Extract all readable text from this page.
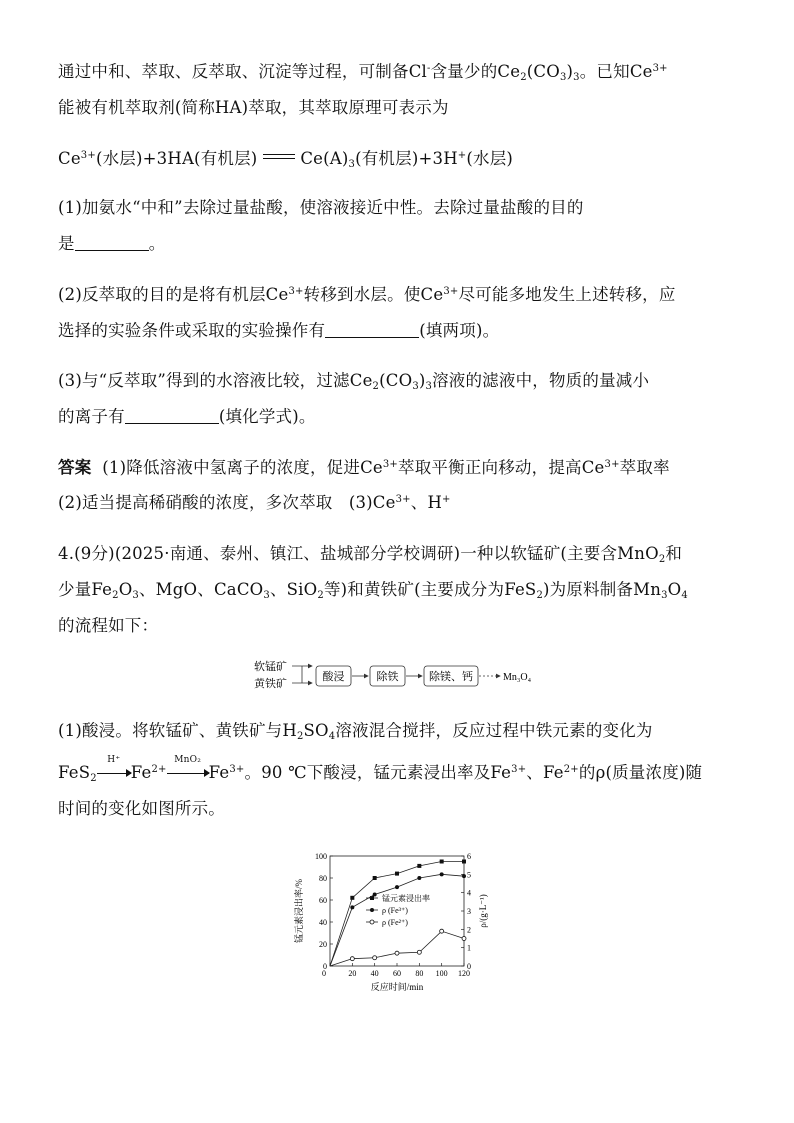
通过中和、萃取、反萃取、沉淀等过程，可制备Cl-含量少的$Ce_2(CO_3)_3$。已知$Ce^{3+}$
能被有机萃取剂(简称HA)萃取，其萃取原理可表示为
$Ce^{3+}$(水层)+3HA(有机层)	$Ce(A)_3$(有机层)+3H+(水层)
(1)加氨水“中和”去除过量盐酸，使溶液接近中性。去除过量盐酸的目的
是	。
(2)反萃取的目的是将有机层$Ce^{3+}$转移到水层。使$Ce^{3+}$尽可能多地发生上述转移，应
选择的实验条件或采取的实验操作有	(填两项)。
(3)与“反萃取”得到的水溶液比较，过滤$Ce_2(CO_3)_3$溶液的滤液中，物质的量减小
的离子有	(填化学式)。
答案 (1)降低溶液中氢离子的浓度，促进$Ce^{3+}$萃取平衡正向移动，提高$Ce^{3+}$萃取率
(2)适当提高稀硝酸的浓度，多次萃取 $(3)Ce^{3+}$、H+
4.(9分)(2025·南通、泰州、镇江、盐城部分学校调研)一种以软锰矿(主要含MnO$_2$和
少量$Fe_2O_3$、MgO、CaCO$_3$、SiO$_2$等)和黄铁矿(主要成分为FeS$_2$)为原料制备$Mn_3O_4$
的流程如下：
软锰矿
黄铁矿
酸浸	除铁	除镁、钙	Mn₃O₄
(1)酸浸。将软锰矿、黄铁矿与$H_2SO_4$溶液混合搅拌，反应过程中铁元素的变化为
FeS$_2$
H⁺
$Fe^{2+}$
MnO₂
$Fe^{3+}$。90 ℃下酸浸，锰元素浸出率及$Fe^{3+}$、$Fe^{2+}$的ρ(质量浓度)随
时间的变化如图所示。
0
20
40
60
80
100
0
1
2
3
4
5
6
20 40 60 80 100 120
0
反应时间/min
锰元素浸出率/%	ρ/(g·L⁻¹)
锰元素浸出率
ρ (Fe³⁺)
ρ (Fe²⁺)
